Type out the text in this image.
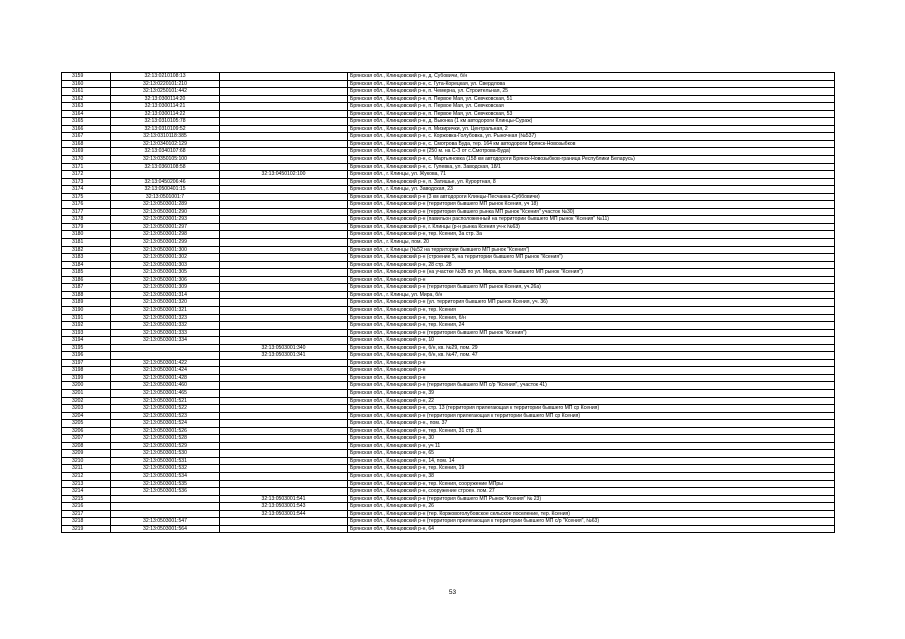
3159	32:13:0210108:13		Брянская обл., Клинцовский р-н, д. Субовичи, б/н
3160	32:13:0220101:210		Брянская обл., Клинцовский р-н, с. Гута-Корецкая, ул. Свердлова
3161	32:13:0250101:442		Брянская обл., Клинцовский р-н, п. Чемерна, ул. Строительная, 25
3162	32:13:0300114:20		Брянская обл., Клинцовский р-н, п. Первое Мая, ул. Севчковская, 51
3163	32:13:0300114:21		Брянская обл., Клинцовский р-н, п. Первое Мая, ул. Севчковская
3164	32:13:0300114:22		Брянская обл., Клинцовский р-н, п. Первое Мая, ул. Севчковская, 53
3165	32:13:0310105:78		Брянская обл., Клинцовский р-н, д. Выюнка (1 км автодороги Клинцы-Сураж)
3166	32:13:0310109:52		Брянская обл., Клинцовский р-н, п. Мизирички, ул. Центральная, 2
3167	32:13:0310118:385		Брянская обл., Клинцовский р-н, с. Коржовка-Голубовка, ул. Рыночная (№537)
3168	32:13:0340102:129		Брянская обл., Клинцовский р-н, с. Смотрова Буда, тер. 164 км автодороги Брянск-Новозыбков
3169	32:13:0340107:68		Брянская обл., Клинцовский р-н (250 м. на С-З от с.Смотрова-Буда)
3170	32:13:0350105:100		Брянская обл., Клинцовский р-н, с. Мартьяновка (158 км автодороги Брянск-Новозыбков-граница Республики Беларусь)
3171	32:13:0360108:58		Брянская обл., Клинцовский р-н, с. Гулевка, ул. Заводская, 18/1
3172		32:13:0450102:100	Брянская обл., г. Клинцы, ул. Жукова, 71
3173	32:13:0450206:46		Брянская обл., Клинцовский р-н, п. Затишье, ул. Курортная, 8
3174	32:13:0500401:15		Брянская обл., г. Клинцы, ул. Заводская, 23
3175	32:13:0501001:7		Брянская обл., Клинцовский р-н (3 км автодороги Клинцы-Песчанка-Суббовичи)
3176	32:13:0503001:289		Брянская обл., Клинцовский р-н (территория бывшего МП рынок Ксения, уч 18)
3177	32:13:0503001:290		Брянская обл., Клинцовский р-н (территория бывшего рынка МП рынок "Ксения" участок №30)
3178	32:13:0503001:293		Брянская обл., Клинцовский р-н (павильон расположенный на территории бывшего МП рынок "Ксения" №11)
3179	32:13:0503001:297		Брянская обл., Клинцовский р-н, г. Клинцы (р-н рынка Ксения уч-к №63)
3180	32:13:0503001:298		Брянская обл., Клинцовский р-н, тер. Ксения, 3а стр. 3а
3181	32:13:0503001:299		Брянская обл., г. Клинцы, пом. 20
3182	32:13:0503001:300		Брянская обл., г. Клинцы (№52 на территории бывшего МП рынок "Ксения")
3183	32:13:0503001:302		Брянская обл., Клинцовский р-н (строение 5, на территории бывшего МП рынок "Ксения")
3184	32:13:0503001:303		Брянская обл., Клинцовский р-н, 28 стр. 28
3185	32:13:0503001:305		Брянская обл., Клинцовский р-н (на участке №35 по ул. Мира, возле бывшего МП рынок "Ксения")
3186	32:13:0503001:306		Брянская обл., Клинцовский р-н
3187	32:13:0503001:309		Брянская обл., Клинцовский р-н (территория бывшего МП рынок Ксения, уч.26а)
3188	32:13:0503001:314		Брянская обл., г. Клинцы, ул. Мира, б/н
3189	32:13:0503001:320		Брянская обл., Клинцовский р-н (ул. территория бывшего МП рынок Ксения, уч. 36)
3190	32:13:0503001:321		Брянская обл., Клинцовский р-н, тер. Ксения
3191	32:13:0503001:323		Брянская обл., Клинцовский р-н, тер. Ксения, б/н
3192	32:13:0503001:332		Брянская обл., Клинцовский р-н, тер. Ксения, 24
3193	32:13:0503001:333		Брянская обл., Клинцовский р-н (территория бывшего МП рынок "Ксения")
3194	32:13:0503001:334		Брянская обл., Клинцовский р-н, 10
3195		32:13:0503001:340	Брянская обл., Клинцовский р-н, б/н, кв. №29, пом. 29
3196		32:13:0503001:341	Брянская обл., Клинцовский р-н, б/н, кв. №47, пом. 47
3197	32:13:0503001:422		Брянская обл., Клинцовский р-н
3198	32:13:0503001:424		Брянская обл., Клинцовский р-н
3199	32:13:0503001:428		Брянская обл., Клинцовский р-н
3200	32:13:0503001:460		Брянская обл., Клинцовский р-н (территория бывшего МП с/р "Ксения", участок 41)
3201	32:13:0503001:465		Брянская обл., Клинцовский р-н, 39
3202	32:13:0503001:521		Брянская обл., Клинцовский р-н, 22
3203	32:13:0503001:522		Брянская обл., Клинцовский р-н, стр. 13 (территория прилегающая к территории бывшего МП ср Ксения)
3204	32:13:0503001:523		Брянская обл., Клинцовский р-н (территория прилегающая к территории бывшего МП ср Ксения)
3205	32:13:0503001:524		Брянская обл., Клинцовский р-н., пом. 37
3206	32:13:0503001:526		Брянская обл., Клинцовский р-н, тер. Ксения, 31 стр. 31
3207	32:13:0503001:528		Брянская обл., Клинцовский р-н, 30
3208	32:13:0503001:529		Брянская обл., Клинцовский р-н, уч 11
3209	32:13:0503001:530		Брянская обл., Клинцовский р-н, 65
3210	32:13:0503001:531		Брянская обл., Клинцовский р-н, 14, пом. 14
3211	32:13:0503001:532		Брянская обл., Клинцовский р-н, тер. Ксения, 19
3212	32:13:0503001:534		Брянская обл., Клинцовский р-н, 38
3213	32:13:0503001:535		Брянская обл., Клинцовский р-н, тер. Ксения, сооружение МПры
3214	32:13:0503001:536		Брянская обл., Клинцовский р-н, сооружение строен. пом. 27
3215		32:13:0503001:541	Брянская обл., Клинцовский р-н (территория бывшего МП Рынок "Ксения" № 23)
3216		32:13:0503001:543	Брянская обл., Клинцовский р-н, 26
3217		32:13:0503001:544	Брянская обл., Клинцовский р-н (тер. Коржовоголубовское сельское поселение, тер. Ксения)
3218	32:13:0503001:547		Брянская обл., Клинцовский р-н (территория прилегающая к территории бывшего МП с/р "Ксения", №63)
3219	32:13:0503001:564		Брянская обл., Клинцовский р-н, 64
53
